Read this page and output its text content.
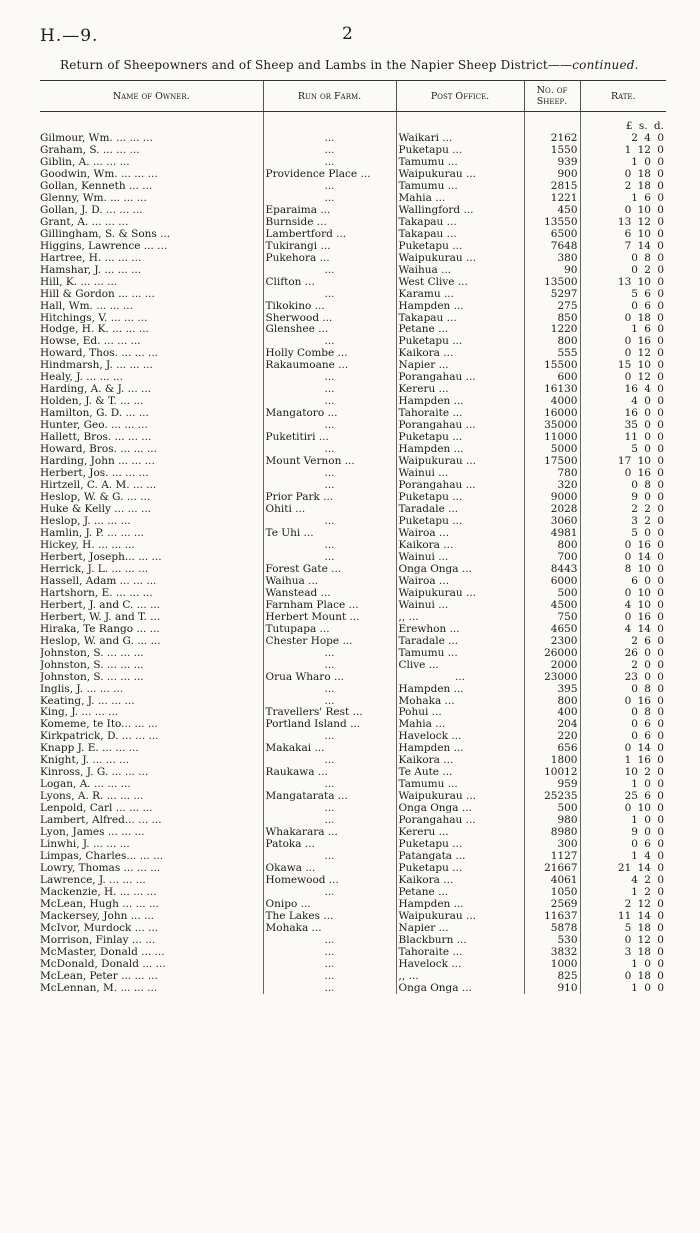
H.—9.	2
Return of Sheepowners and of Sheep and Lambs in the Napier Sheep District——continued.
Name of Owner.	Run or Farm.	Post Office.	No. of Sheep.	Rate.
				£ s. d.
Gilmour, Wm. ... ... ...	...	Waikari ...	2162	2 4 0
Graham, S. ... ... ...	...	Puketapu ...	1550	1 12 0
Giblin, A. ... ... ...	...	Tamumu ...	939	1 0 0
Goodwin, Wm. ... ... ...	Providence Place ...	Waipukurau ...	900	0 18 0
Gollan, Kenneth ... ...	...	Tamumu ...	2815	2 18 0
Glenny, Wm. ... ... ...	...	Mahia ...	1221	1 6 0
Gollan, J. D. ... ... ...	Eparaima ...	Wallingford ...	450	0 10 0
Grant, A. ... ... ...	Burnside ...	Takapau ...	13550	13 12 0
Gillingham, S. & Sons ...	Lambertford ...	Takapau ...	6500	6 10 0
Higgins, Lawrence ... ...	Tukirangi ...	Puketapu ...	7648	7 14 0
Hartree, H. ... ... ...	Pukehora ...	Waipukurau ...	380	0 8 0
Hamshar, J. ... ... ...	...	Waihua ...	90	0 2 0
Hill, K. ... ... ...	Clifton ...	West Clive ...	13500	13 10 0
Hill & Gordon ... ... ...	...	Karamu ...	5297	5 6 0
Hall, Wm. ... ... ...	Tikokino ...	Hampden ...	275	0 6 0
Hitchings, V. ... ... ...	Sherwood ...	Takapau ...	850	0 18 0
Hodge, H. K. ... ... ...	Glenshee ...	Petane ...	1220	1 6 0
Howse, Ed. ... ... ...	...	Puketapu ...	800	0 16 0
Howard, Thos. ... ... ...	Holly Combe ...	Kaikora ...	555	0 12 0
Hindmarsh, J. ... ... ...	Rakaumoane ...	Napier ...	15500	15 10 0
Healy, J. ... ... ...	...	Porangahau ...	600	0 12 0
Harding, A. & J. ... ...	...	Kereru ...	16130	16 4 0
Holden, J. & T. ... ...	...	Hampden ...	4000	4 0 0
Hamilton, G. D. ... ...	Mangatoro ...	Tahoraite ...	16000	16 0 0
Hunter, Geo. ... ... ...	...	Porangahau ...	35000	35 0 0
Hallett, Bros. ... ... ...	Puketitiri ...	Puketapu ...	11000	11 0 0
Howard, Bros. ... ... ...	...	Hampden ...	5000	5 0 0
Harding, John ... ... ...	Mount Vernon ...	Waipukurau ...	17500	17 10 0
Herbert, Jos. ... ... ...	...	Wainui ...	780	0 16 0
Hirtzell, C. A. M. ... ...	...	Porangahau ...	320	0 8 0
Heslop, W. & G. ... ...	Prior Park ...	Puketapu ...	9000	9 0 0
Huke & Kelly ... ... ...	Ohiti ...	Taradale ...	2028	2 2 0
Heslop, J. ... ... ...	...	Puketapu ...	3060	3 2 0
Hamlin, J. P. ... ... ...	Te Uhi ...	Wairoa ...	4981	5 0 0
Hickey, H. ... ... ...	...	Kaikora ...	800	0 16 0
Herbert, Joseph... ... ...	...	Wainui ...	700	0 14 0
Herrick, J. L. ... ... ...	Forest Gate ...	Onga Onga ...	8443	8 10 0
Hassell, Adam ... ... ...	Waihua ...	Wairoa ...	6000	6 0 0
Hartshorn, E. ... ... ...	Wanstead ...	Waipukurau ...	500	0 10 0
Herbert, J. and C. ... ...	Farnham Place ...	Wainui ...	4500	4 10 0
Herbert, W. J. and T. ...	Herbert Mount ...	,, ...	750	0 16 0
Hiraka, Te Rango ... ...	Tutupapa ...	Erewhon ...	4650	4 14 0
Heslop, W. and G. ... ...	Chester Hope ...	Taradale ...	2300	2 6 0
Johnston, S. ... ... ...	...	Tamumu ...	26000	26 0 0
Johnston, S. ... ... ...	...	Clive ...	2000	2 0 0
Johnston, S. ... ... ...	Orua Wharo ...	...	23000	23 0 0
Inglis, J. ... ... ...	...	Hampden ...	395	0 8 0
Keating, J. ... ... ...	...	Mohaka ...	800	0 16 0
King, J. ... ... ...	Travellers' Rest ...	Pohui ...	400	0 8 0
Komeme, te Ito... ... ...	Portland Island ...	Mahia ...	204	0 6 0
Kirkpatrick, D. ... ... ...	...	Havelock ...	220	0 6 0
Knapp J. E. ... ... ...	Makakai ...	Hampden ...	656	0 14 0
Knight, J. ... ... ...	...	Kaikora ...	1800	1 16 0
Kinross, J. G. ... ... ...	Raukawa ...	Te Aute ...	10012	10 2 0
Logan, A. ... ... ...	...	Tamumu ...	959	1 0 0
Lyons, A. R. ... ... ...	Mangatarata ...	Waipukurau ...	25235	25 6 0
Lenpold, Carl ... ... ...	...	Onga Onga ...	500	0 10 0
Lambert, Alfred... ... ...	...	Porangahau ...	980	1 0 0
Lyon, James ... ... ...	Whakarara ...	Kereru ...	8980	9 0 0
Linwhi, J. ... ... ...	Patoka ...	Puketapu ...	300	0 6 0
Limpas, Charles... ... ...	...	Patangata ...	1127	1 4 0
Lowry, Thomas ... ... ...	Okawa ...	Puketapu ...	21667	21 14 0
Lawrence, J. ... ... ...	Homewood ...	Kaikora ...	4061	4 2 0
Mackenzie, H. ... ... ...	...	Petane ...	1050	1 2 0
McLean, Hugh ... ... ...	Onipo ...	Hampden ...	2569	2 12 0
Mackersey, John ... ...	The Lakes ...	Waipukurau ...	11637	11 14 0
McIvor, Murdock ... ...	Mohaka ...	Napier ...	5878	5 18 0
Morrison, Finlay ... ...	...	Blackburn ...	530	0 12 0
McMaster, Donald ... ...	...	Tahoraite ...	3832	3 18 0
McDonald, Donald ... ...	...	Havelock ...	1000	1 0 0
McLean, Peter ... ... ...	...	,, ...	825	0 18 0
McLennan, M. ... ... ...	...	Onga Onga ...	910	1 0 0
